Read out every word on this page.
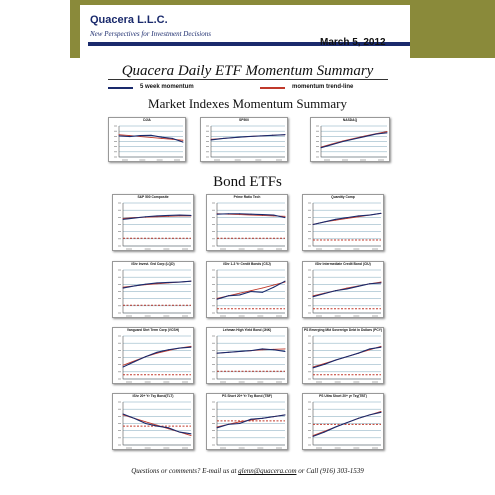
Quacera L.L.C.
New Perspectives for Investment Decisions
March 5, 2012
Quacera Daily ETF Momentum Summary
5 week momentum	momentum trend-line
Market Indexes Momentum Summary
Bond ETFs
DJIA	SP500	NASDAQ
S&P 500 Composite	Prime Ratio Tech	Quantity Comp
iShr Invest. Grd Corp (LQD)	iShr 1-3 Yr Credit Bonds (CSJ)	iShr Intermediate Credit Bond (CIU)
Vanguard Shrt Term Corp (VCSH)	Lehman High Yield Bond (JNK)	PS Emerging Mkt Sovereign Debt In Dollars (PCY)
iShr 20+ Yr Tsy Bond(TLT)	PS Short 20+ Yr Tsy Bond (TBF)	PS Ultra Short 20+ yr Tsy(TBT)
Questions or comments? E-mail us at glenn@quacera.com or Call (916) 303-1539
